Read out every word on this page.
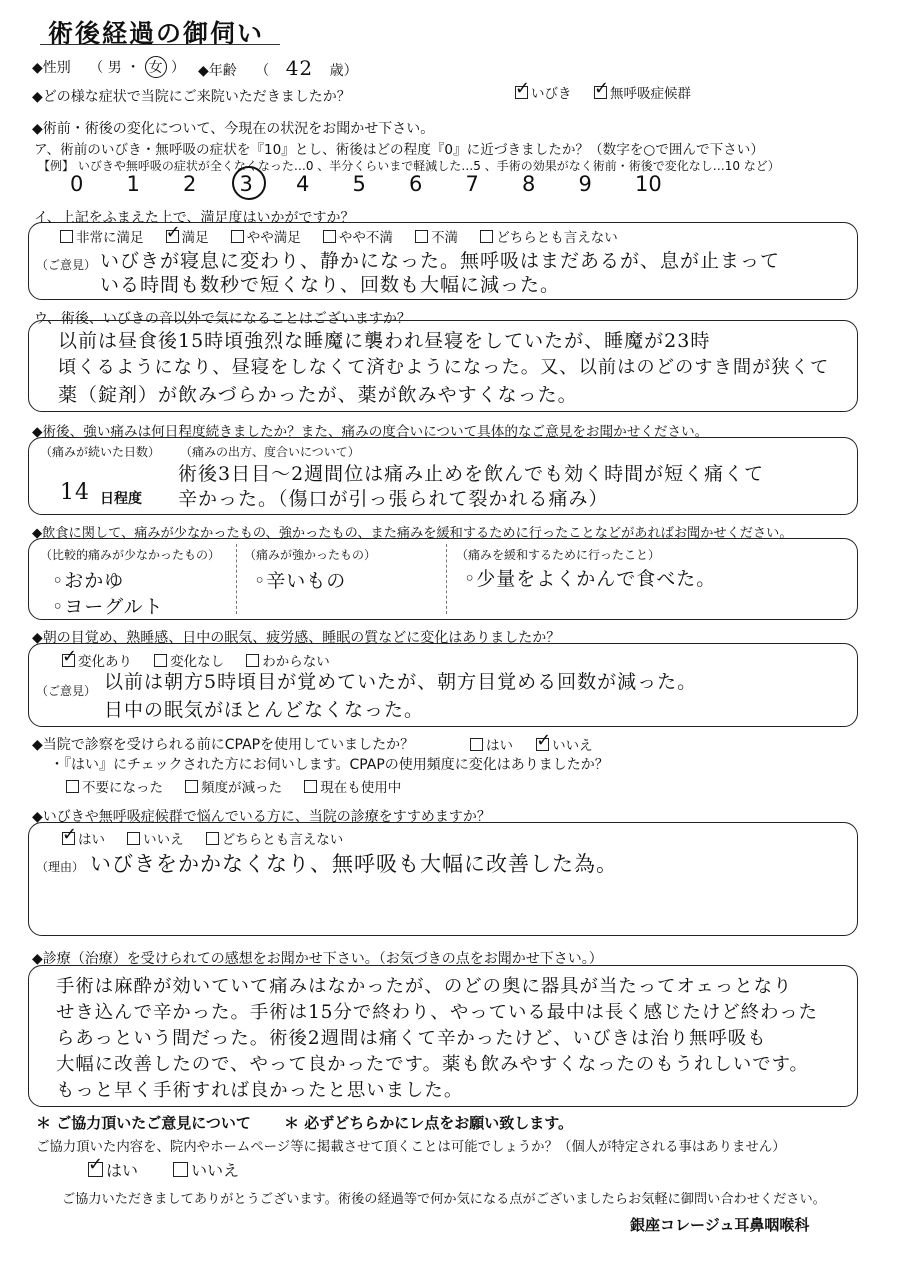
術後経過の御伺い
◆性別 （ 男 ・ 女 ） ◆年齢 （ 42 歳）
◆どの様な症状で当院にご来院いただきましたか？ ✓	いびき ✓	無呼吸症候群
◆術前・術後の変化について、今現在の状況をお聞かせ下さい。
ア、術前のいびき・無呼吸の症状を『10』とし、術後はどの程度『0』に近づきましたか？（数字を○で囲んで下さい）
【例】 いびきや無呼吸の症状が全くなくなった…0 、半分くらいまで軽減した…5 、手術の効果がなく術前・術後で変化なし…10 など）
0 1 2 3 4 5 6 7 8 9 10
イ、上記をふまえた上で、満足度はいかがですか？
非常に満足 ✓	満足	やや満足	やや不満	不満	どちらとも言えない
（ご意見） いびきが寝息に変わり、静かになった。無呼吸はまだあるが、息が止まって
いる時間も数秒で短くなり、回数も大幅に減った。
ウ、術後、いびきの音以外で気になることはございますか？
以前は昼食後15時頃強烈な睡魔に襲われ昼寝をしていたが、睡魔が23時
頃くるようになり、昼寝をしなくて済むようになった。又、以前はのどのすき間が狭くて
薬（錠剤）が飲みづらかったが、薬が飲みやすくなった。
◆術後、強い痛みは何日程度続きましたか？また、痛みの度合いについて具体的なご意見をお聞かせください。
（痛みが続いた日数）
14 日程度
（痛みの出方、度合いについて）
術後3日目～2週間位は痛み止めを飲んでも効く時間が短く痛くて
辛かった。（傷口が引っ張られて裂かれる痛み）
◆飲食に関して、痛みが少なかったもの、強かったもの、また痛みを緩和するために行ったことなどがあればお聞かせください。
（比較的痛みが少なかったもの）
◦おかゆ
◦ヨーグルト
（痛みが強かったもの）
◦辛いもの
（痛みを緩和するために行ったこと）
◦少量をよくかんで食べた。
◆朝の目覚め、熟睡感、日中の眠気、疲労感、睡眠の質などに変化はありましたか？
✓変化あり	変化なし	わからない
（ご意見） 以前は朝方5時頃目が覚めていたが、朝方目覚める回数が減った。
日中の眠気がほとんどなくなった。
◆当院で診察を受けられる前にCPAPを使用していましたか？	はい ✓	いいえ
・『はい』にチェックされた方にお伺いします。CPAPの使用頻度に変化はありましたか？
不要になった	頻度が減った	現在も使用中
◆いびきや無呼吸症候群で悩んでいる方に、当院の診療をすすめますか？
✓はい	いいえ	どちらとも言えない
（理由） いびきをかかなくなり、無呼吸も大幅に改善した為。
◆診療（治療）を受けられての感想をお聞かせ下さい。（お気づきの点をお聞かせ下さい。）
手術は麻酔が効いていて痛みはなかったが、のどの奥に器具が当たってオェっとなり
せき込んで辛かった。手術は15分で終わり、やっている最中は長く感じたけど終わった
らあっという間だった。術後2週間は痛くて辛かったけど、いびきは治り無呼吸も
大幅に改善したので、やって良かったです。薬も飲みやすくなったのもうれしいです。
もっと早く手術すれば良かったと思いました。
＊ ご協力頂いたご意見について ＊ 必ずどちらかにレ点をお願い致します。
ご協力頂いた内容を、院内やホームページ等に掲載させて頂くことは可能でしょうか？（個人が特定される事はありません）
✓はい	いいえ
ご協力いただきましてありがとうございます。術後の経過等で何か気になる点がございましたらお気軽に御問い合わせください。
銀座コレージュ耳鼻咽喉科
